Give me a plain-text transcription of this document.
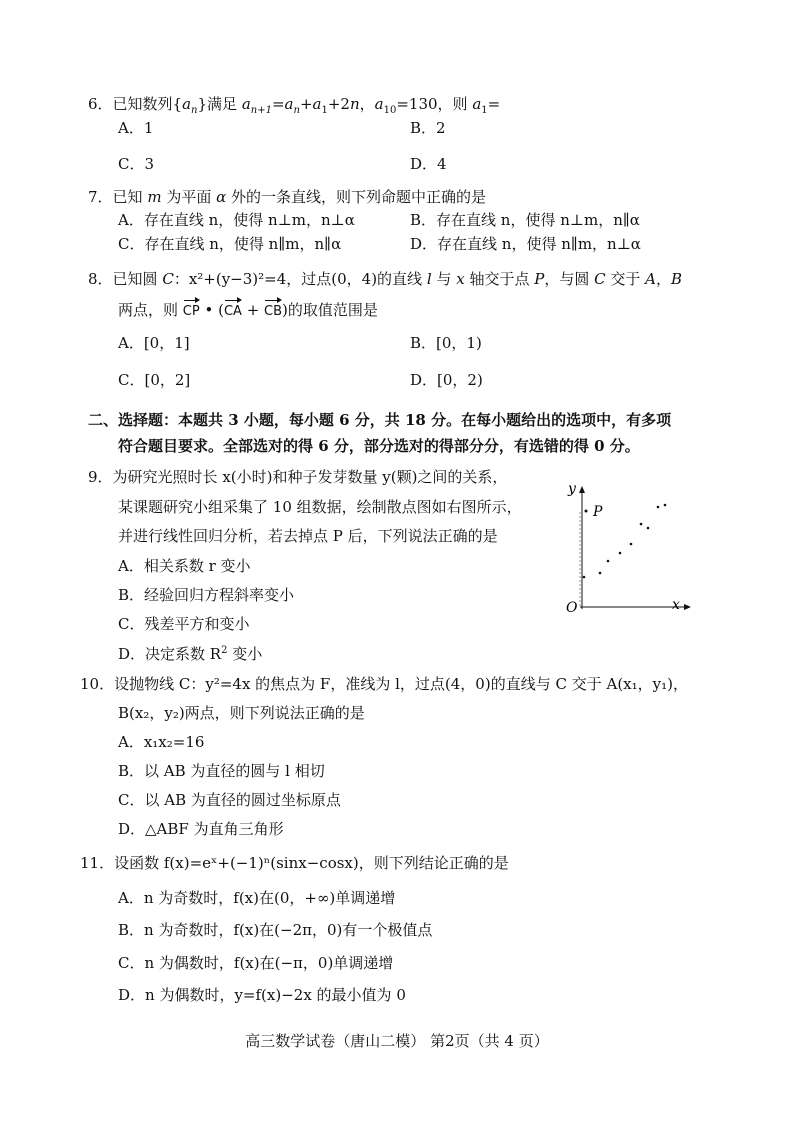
6．已知数列$\{a_n\}$满足 $a_{n+1}=a_n+a_1+2n$，$a_{10}=130$，则 $a_1=$
A．1	B．2
C．3	D．4
7．已知 m 为平面 α 外的一条直线，则下列命题中正确的是
A．存在直线 n，使得 n⊥m，n⊥α	B．存在直线 n，使得 n⊥m，n∥α
C．存在直线 n，使得 n∥m，n∥α	D．存在直线 n，使得 n∥m，n⊥α
8．已知圆 C：x²+(y−3)²=4，过点(0，4)的直线 l 与 x 轴交于点 P，与圆 C 交于 A，B
两点，则 CP • (CA + CB)的取值范围是
A．[0，1]	B．[0，1)
C．[0，2]	D．[0，2)
二、选择题：本题共 3 小题，每小题 6 分，共 18 分。在每小题给出的选项中，有多项
符合题目要求。全部选对的得 6 分，部分选对的得部分分，有选错的得 0 分。
9．为研究光照时长 x(小时)和种子发芽数量 y(颗)之间的关系，
某课题研究小组采集了 10 组数据，绘制散点图如右图所示，
并进行线性回归分析，若去掉点 P 后，下列说法正确的是
A．相关系数 r 变小
B．经验回归方程斜率变小
C．残差平方和变小
D．决定系数 $R^2$ 变小
y
x
O
P
10．设抛物线 C：y²=4x 的焦点为 F，准线为 l，过点(4，0)的直线与 C 交于 A(x₁，y₁)，
B(x₂，y₂)两点，则下列说法正确的是
A．x₁x₂=16
B．以 AB 为直径的圆与 l 相切
C．以 AB 为直径的圆过坐标原点
D．△ABF 为直角三角形
11．设函数 f(x)=eˣ+(−1)ⁿ(sinx−cosx)，则下列结论正确的是
A．n 为奇数时，f(x)在(0，+∞)单调递增
B．n 为奇数时，f(x)在(−2π，0)有一个极值点
C．n 为偶数时，f(x)在(−π，0)单调递增
D．n 为偶数时，y=f(x)−2x 的最小值为 0
高三数学试卷（唐山二模） 第2页（共 4 页）
